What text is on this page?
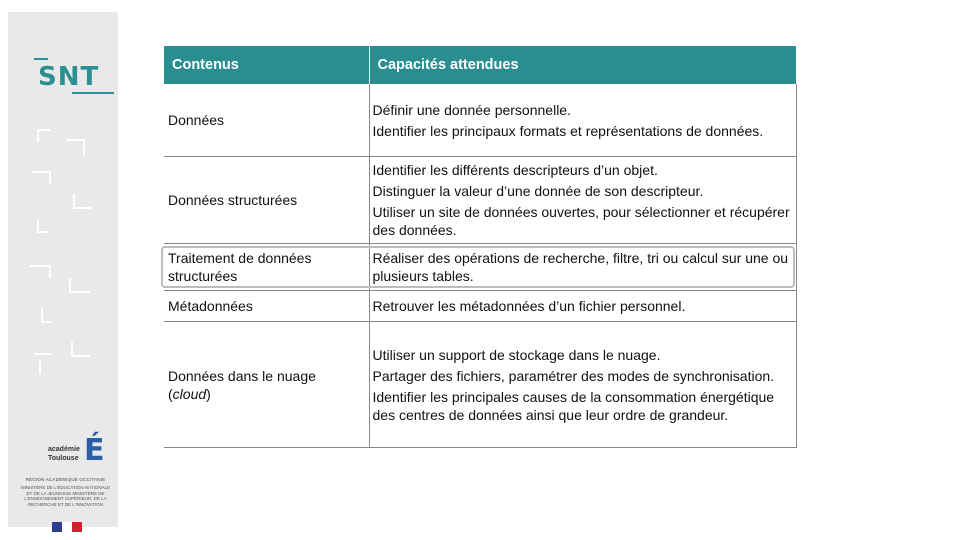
SNT
académie
Toulouse É
RÉGION ACADÉMIQUE OCCITANIE
MINISTÈRE DE L'ÉDUCATION NATIONALE ET DE LA JEUNESSE MINISTÈRE DE L'ENSEIGNEMENT SUPÉRIEUR, DE LA RECHERCHE ET DE L'INNOVATION
Contenus	Capacités attendues
Données	Définir une donnée personnelle.
Identifier les principaux formats et représentations de données.

Données structurées	Identifier les différents descripteurs d’un objet.
Distinguer la valeur d’une donnée de son descripteur.
Utiliser un site de données ouvertes, pour sélectionner et récupérer des données.

Traitement de données structurées	Réaliser des opérations de recherche, filtre, tri ou calcul sur une ou plusieurs tables.

Métadonnées	Retrouver les métadonnées d’un fichier personnel.

Données dans le nuage
(cloud)	Utiliser un support de stockage dans le nuage.
Partager des fichiers, paramétrer des modes de synchronisation.
Identifier les principales causes de la consommation énergétique des centres de données ainsi que leur ordre de grandeur.
